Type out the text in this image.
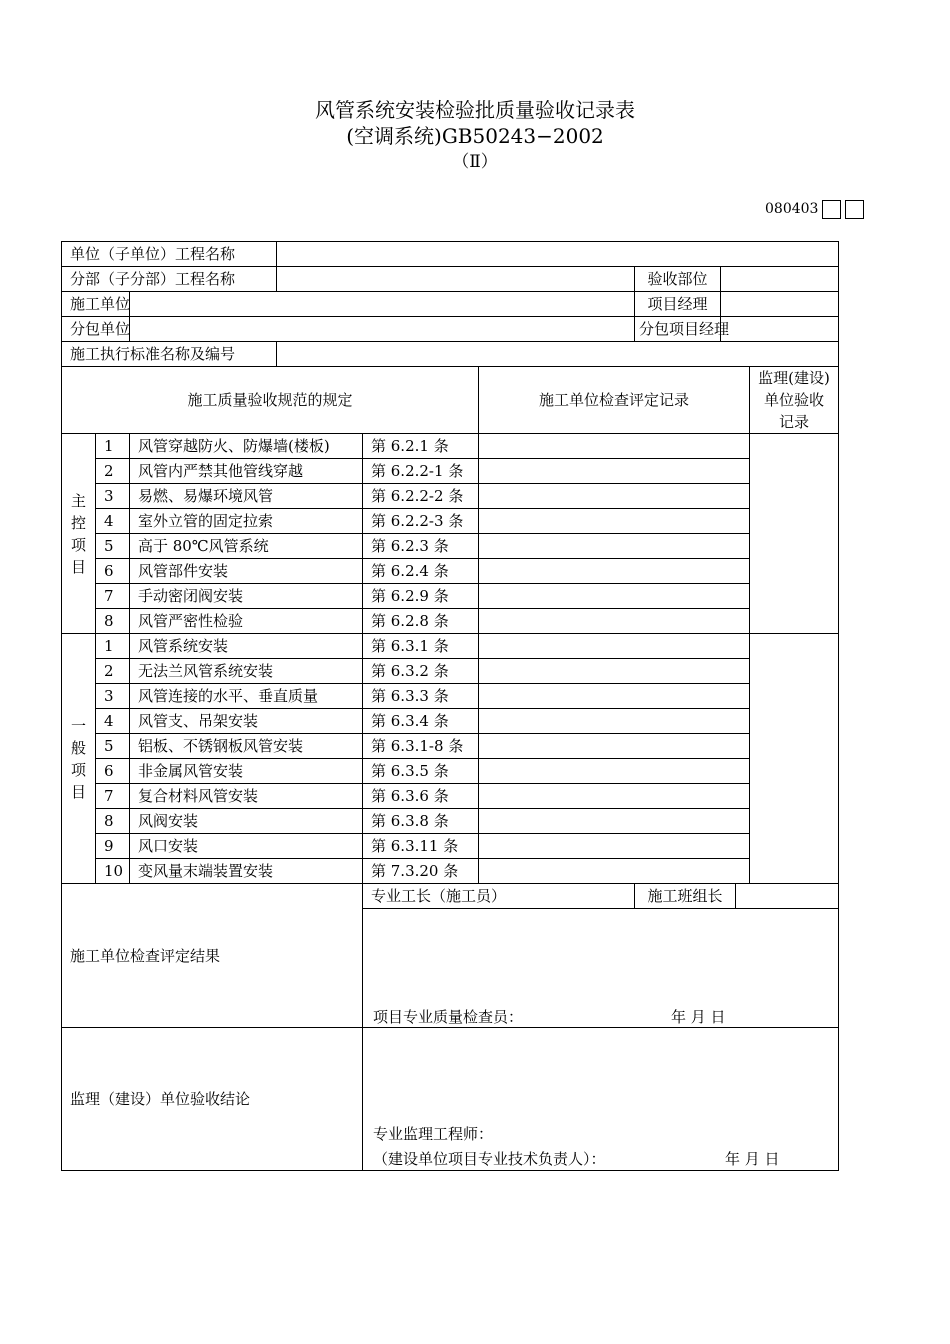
风管系统安装检验批质量验收记录表
(空调系统)GB50243−2002
（Ⅱ）
080403
单位（子单位）工程名称								
分部（子分部）工程名称						验收部位		
施工单位						项目经理		
分包单位						分包项目经理		
施工执行标准名称及编号								
施工质量验收规范的规定					施工单位检查评定记录			监理(建设)单位验收记录

主控项目	1	风管穿越防火、防爆墙(楼板)		第 6.2.1 条				
	2	风管内严禁其他管线穿越		第 6.2.2-1 条				
	3	易燃、易爆环境风管		第 6.2.2-2 条				
	4	室外立管的固定拉索		第 6.2.2-3 条				
	5	高于 80℃风管系统		第 6.2.3 条				
	6	风管部件安装		第 6.2.4 条				
	7	手动密闭阀安装		第 6.2.9 条				
	8	风管严密性检验		第 6.2.8 条				

一般项目	1	风管系统安装		第 6.3.1 条				
	2	无法兰风管系统安装		第 6.3.2 条				
	3	风管连接的水平、垂直质量		第 6.3.3 条				
	4	风管支、吊架安装		第 6.3.4 条				
	5	铝板、不锈钢板风管安装		第 6.3.1-8 条				
	6	非金属风管安装		第 6.3.5 条				
	7	复合材料风管安装		第 6.3.6 条				
	8	风阀安装		第 6.3.8 条				
	9	风口安装		第 6.3.11 条				
	10	变风量末端装置安装		第 7.3.20 条				
施工单位检查评定结果				专业工长（施工员）			施工班组长	

				项目专业质量检查员： 年 月 日				

监理（建设）单位验收结论				专业监理工程师：
（建设单位项目专业技术负责人）： 年 月 日				
